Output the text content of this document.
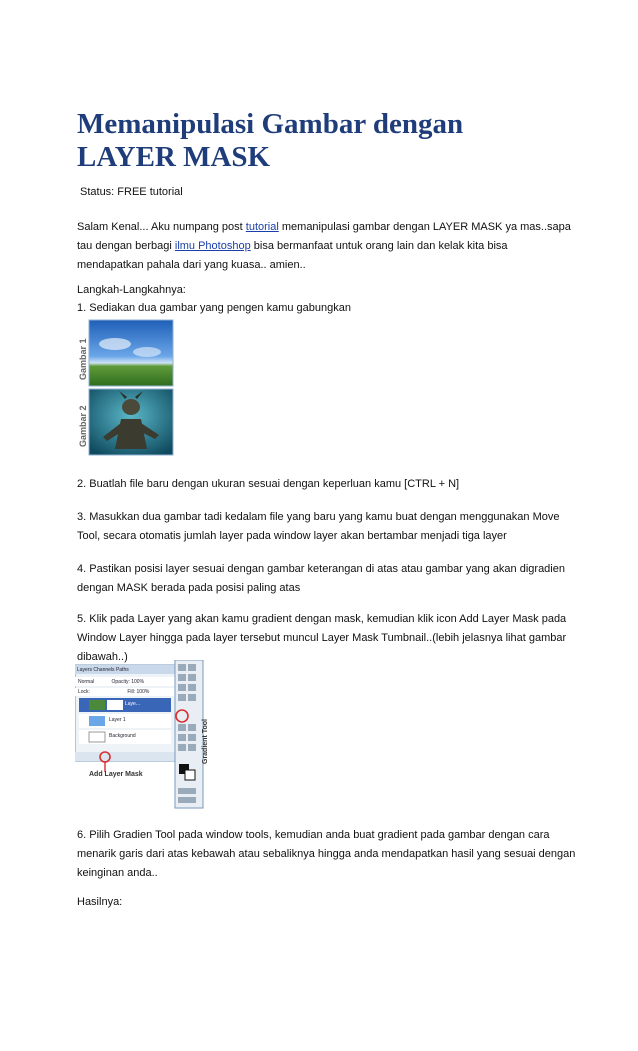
Memanipulasi Gambar dengan
LAYER MASK
Status: FREE tutorial

Salam Kenal... Aku numpang post tutorial memanipulasi gambar dengan LAYER MASK ya mas..sapa tau dengan berbagi ilmu Photoshop bisa bermanfaat untuk orang lain dan kelak kita bisa mendapatkan pahala dari yang kuasa.. amien..

Langkah-Langkahnya:

1. Sediakan dua gambar yang pengen kamu gabungkan

Gambar 1
Gambar 2

2. Buatlah file baru dengan ukuran sesuai dengan keperluan kamu [CTRL + N]

3. Masukkan dua gambar tadi kedalam file yang baru yang kamu buat dengan menggunakan Move Tool, secara otomatis jumlah layer pada window layer akan bertambar menjadi tiga layer

4. Pastikan posisi layer sesuai dengan gambar keterangan di atas atau gambar yang akan digradien dengan MASK berada pada posisi paling atas

5. Klik pada Layer yang akan kamu gradient dengan mask, kemudian klik icon Add Layer Mask pada Window Layer hingga pada layer tersebut muncul Layer Mask Tumbnail..(lebih jelasnya lihat gambar dibawah..)

Layers Channels Paths
Normal	Opacity: 100%
Lock:	Fill: 100%
Laye...
Layer 1
Background
Add Layer Mask
Gradient Tool

6. Pilih Gradien Tool pada window tools, kemudian anda buat gradient pada gambar dengan cara menarik garis dari atas kebawah atau sebaliknya hingga anda mendapatkan hasil yang sesuai dengan keinginan anda..

Hasilnya:
